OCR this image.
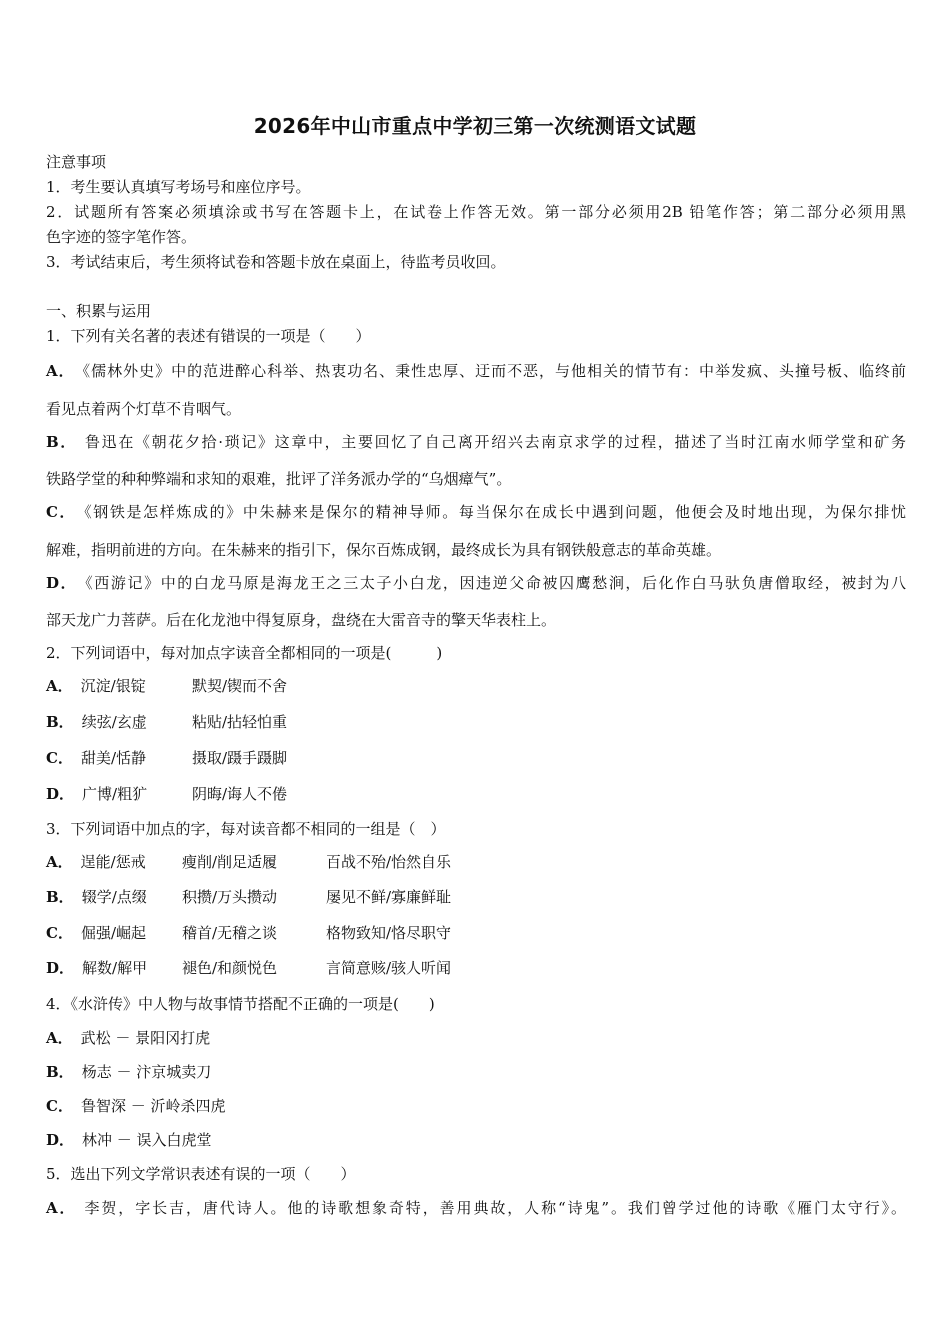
2026年中山市重点中学初三第一次统测语文试题
注意事项
1．考生要认真填写考场号和座位序号。
2．试题所有答案必须填涂或书写在答题卡上，在试卷上作答无效。第一部分必须用2B 铅笔作答；第二部分必须用黑
色字迹的签字笔作答。
3．考试结束后，考生须将试卷和答题卡放在桌面上，待监考员收回。
一、积累与运用
1．下列有关名著的表述有错误的一项是（　　）
A． 《儒林外史》中的范进醉心科举、热衷功名、秉性忠厚、迂而不恶，与他相关的情节有：中举发疯、头撞号板、临终前
看见点着两个灯草不肯咽气。
B． 鲁迅在《朝花夕拾·琐记》这章中，主要回忆了自己离开绍兴去南京求学的过程，描述了当时江南水师学堂和矿务
铁路学堂的种种弊端和求知的艰难，批评了洋务派办学的“乌烟瘴气”。
C． 《钢铁是怎样炼成的》中朱赫来是保尔的精神导师。每当保尔在成长中遇到问题，他便会及时地出现，为保尔排忧
解难，指明前进的方向。在朱赫来的指引下，保尔百炼成钢，最终成长为具有钢铁般意志的革命英雄。
D． 《西游记》中的白龙马原是海龙王之三太子小白龙，因违逆父命被囚鹰愁涧，后化作白马驮负唐僧取经，被封为八
部天龙广力菩萨。后在化龙池中得复原身，盘绕在大雷音寺的擎天华表柱上。
2．下列词语中，每对加点字读音全都相同的一项是(　　　)
A． 沉淀/银锭	默契/锲而不舍
B． 续弦/玄虚	粘贴/拈轻怕重
C． 甜美/恬静	摄取/蹑手蹑脚
D． 广博/粗犷	阴晦/诲人不倦
3．下列词语中加点的字，每对读音都不相同的一组是（　）
A． 逞能/惩戒 瘦削/削足适履	百战不殆/怡然自乐
B． 辍学/点缀 积攒/万头攒动	屡见不鲜/寡廉鲜耻
C． 倔强/崛起 稽首/无稽之谈	格物致知/恪尽职守
D． 解数/解甲 褪色/和颜悦色	言简意赅/骇人听闻
4．《水浒传》中人物与故事情节搭配不正确的一项是(　　)
A． 武松 － 景阳冈打虎
B． 杨志 － 汴京城卖刀
C． 鲁智深 － 沂岭杀四虎
D． 林冲 － 误入白虎堂
5．选出下列文学常识表述有误的一项（　　）
A． 李贺，字长吉，唐代诗人。他的诗歌想象奇特，善用典故，人称“诗鬼”。我们曾学过他的诗歌《雁门太守行》。
